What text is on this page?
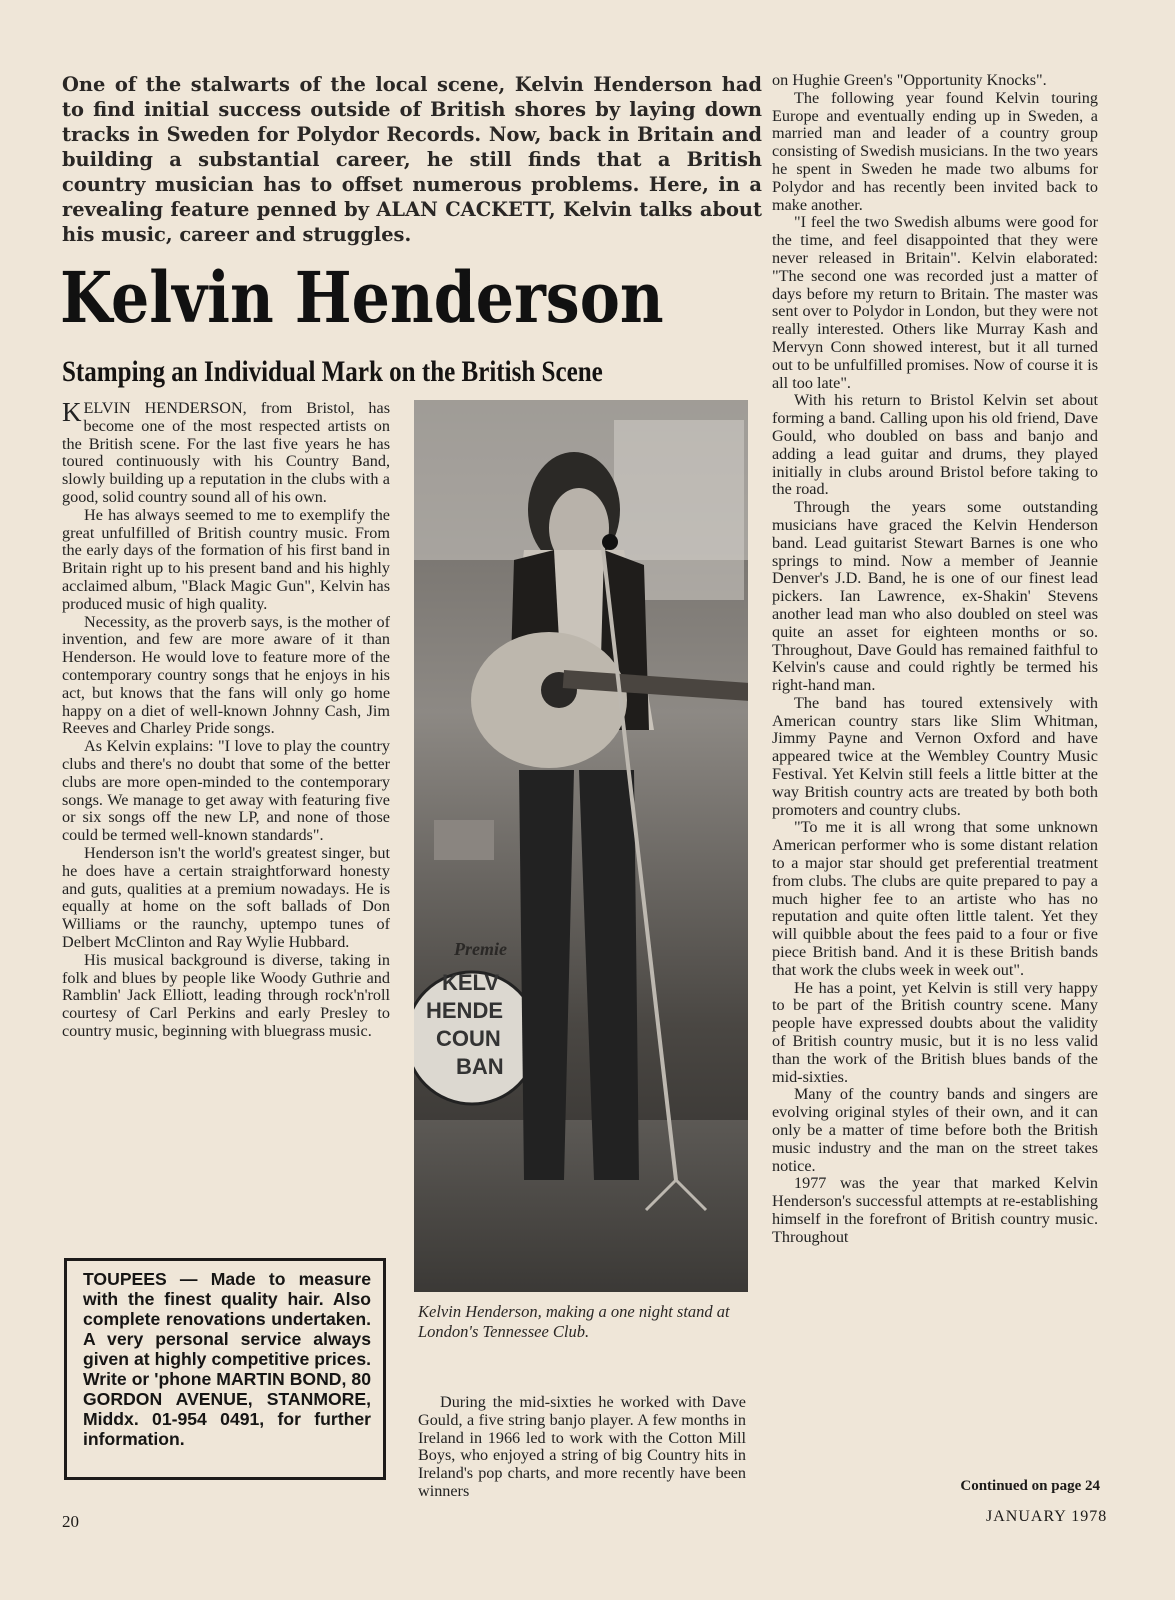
One of the stalwarts of the local scene, Kelvin Henderson had to find initial success outside of British shores by laying down tracks in Sweden for Polydor Records. Now, back in Britain and building a substantial career, he still finds that a British country musician has to offset numerous problems. Here, in a revealing feature penned by ALAN CACKETT, Kelvin talks about his music, career and struggles.
Kelvin Henderson
Stamping an Individual Mark on the British Scene

KELVIN HENDERSON, from Bristol, has become one of the most respected artists on the British scene. For the last five years he has toured continuously with his Country Band, slowly building up a reputation in the clubs with a good, solid country sound all of his own.

He has always seemed to me to exemplify the great unfulfilled of British country music. From the early days of the formation of his first band in Britain right up to his present band and his highly acclaimed album, "Black Magic Gun", Kelvin has produced music of high quality.

Necessity, as the proverb says, is the mother of invention, and few are more aware of it than Henderson. He would love to feature more of the contemporary country songs that he enjoys in his act, but knows that the fans will only go home happy on a diet of well-known Johnny Cash, Jim Reeves and Charley Pride songs.

As Kelvin explains: "I love to play the country clubs and there's no doubt that some of the better clubs are more open-minded to the contemporary songs. We manage to get away with featuring five or six songs off the new LP, and none of those could be termed well-known standards".

Henderson isn't the world's greatest singer, but he does have a certain straightforward honesty and guts, qualities at a premium nowadays. He is equally at home on the soft ballads of Don Williams or the raunchy, uptempo tunes of Delbert McClinton and Ray Wylie Hubbard.

His musical background is diverse, taking in folk and blues by people like Woody Guthrie and Ramblin' Jack Elliott, leading through rock'n'roll courtesy of Carl Perkins and early Presley to country music, beginning with bluegrass music.

TOUPEES — Made to measure with the finest quality hair. Also complete renovations undertaken. A very personal service always given at highly competitive prices. Write or 'phone MARTIN BOND, 80 GORDON AVENUE, STANMORE, Middx. 01-954 0491, for further information.
Premie
KELV
HENDE
COUN
BAN
Kelvin Henderson, making a one night stand at London's Tennessee Club.

During the mid-sixties he worked with Dave Gould, a five string banjo player. A few months in Ireland in 1966 led to work with the Cotton Mill Boys, who enjoyed a string of big Country hits in Ireland's pop charts, and more recently have been winners

on Hughie Green's "Opportunity Knocks".

The following year found Kelvin touring Europe and eventually ending up in Sweden, a married man and leader of a country group consisting of Swedish musicians. In the two years he spent in Sweden he made two albums for Polydor and has recently been invited back to make another.

"I feel the two Swedish albums were good for the time, and feel disappointed that they were never released in Britain". Kelvin elaborated: "The second one was recorded just a matter of days before my return to Britain. The master was sent over to Polydor in London, but they were not really interested. Others like Murray Kash and Mervyn Conn showed interest, but it all turned out to be unfulfilled promises. Now of course it is all too late".

With his return to Bristol Kelvin set about forming a band. Calling upon his old friend, Dave Gould, who doubled on bass and banjo and adding a lead guitar and drums, they played initially in clubs around Bristol before taking to the road.

Through the years some outstanding musicians have graced the Kelvin Henderson band. Lead guitarist Stewart Barnes is one who springs to mind. Now a member of Jeannie Denver's J.D. Band, he is one of our finest lead pickers. Ian Lawrence, ex-Shakin' Stevens another lead man who also doubled on steel was quite an asset for eighteen months or so. Throughout, Dave Gould has remained faithful to Kelvin's cause and could rightly be termed his right-hand man.

The band has toured extensively with American country stars like Slim Whitman, Jimmy Payne and Vernon Oxford and have appeared twice at the Wembley Country Music Festival. Yet Kelvin still feels a little bitter at the way British country acts are treated by both both promoters and country clubs.

"To me it is all wrong that some unknown American performer who is some distant relation to a major star should get preferential treatment from clubs. The clubs are quite prepared to pay a much higher fee to an artiste who has no reputation and quite often little talent. Yet they will quibble about the fees paid to a four or five piece British band. And it is these British bands that work the clubs week in week out".

He has a point, yet Kelvin is still very happy to be part of the British country scene. Many people have expressed doubts about the validity of British country music, but it is no less valid than the work of the British blues bands of the mid-sixties.

Many of the country bands and singers are evolving original styles of their own, and it can only be a matter of time before both the British music industry and the man on the street takes notice.

1977 was the year that marked Kelvin Henderson's successful attempts at re-establishing himself in the forefront of British country music. Throughout

Continued on page 24
20	JANUARY 1978
